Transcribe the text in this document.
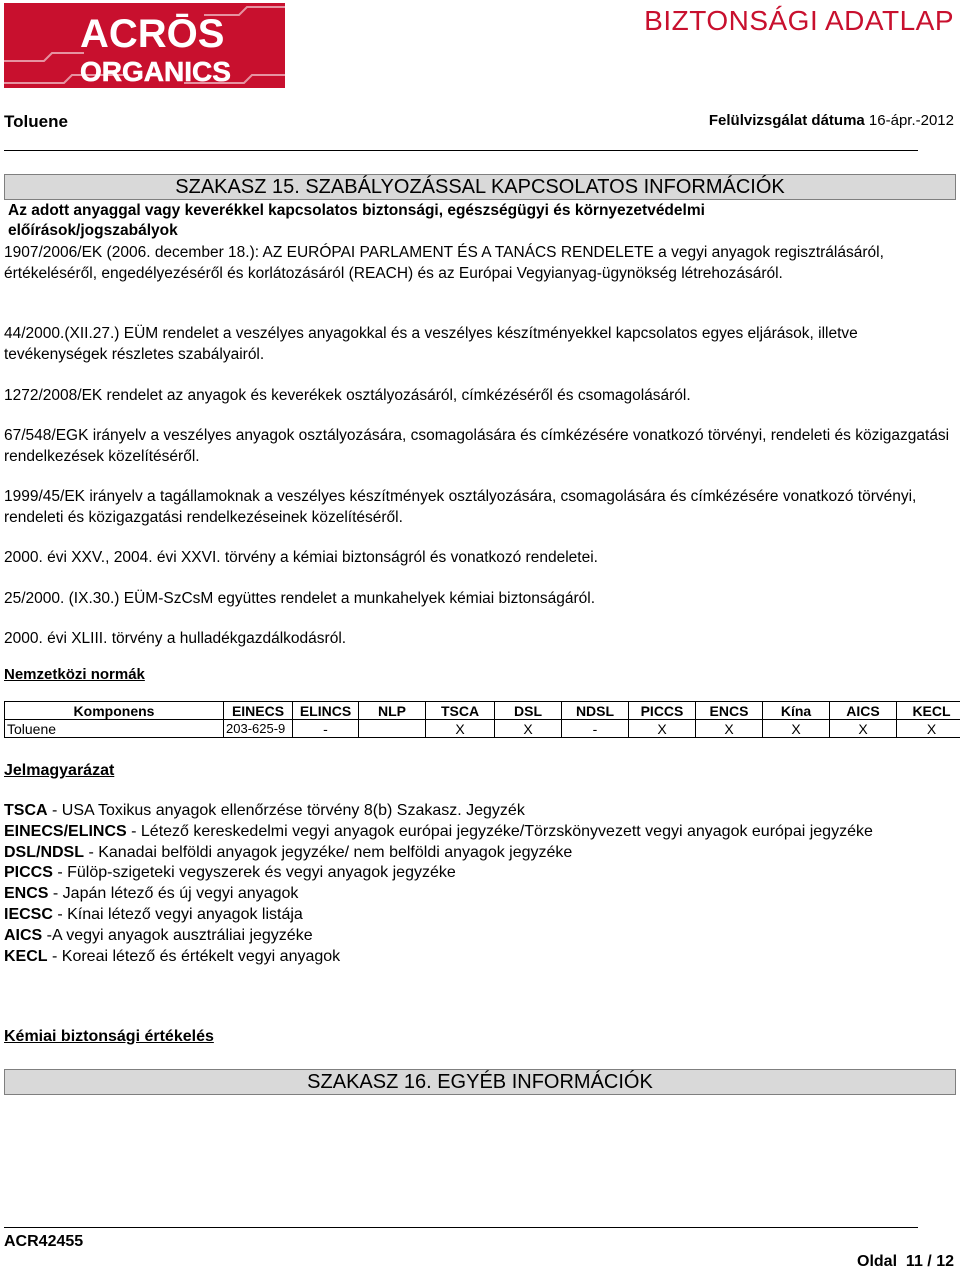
ACRŌS
ORGANICS
BIZTONSÁGI ADATLAP
Toluene	Felülvizsgálat dátuma 16-ápr.-2012
SZAKASZ 15. SZABÁLYOZÁSSAL KAPCSOLATOS INFORMÁCIÓK
Az adott anyaggal vagy keverékkel kapcsolatos biztonsági, egészségügyi és környezetvédelmi
előírások/jogszabályok

1907/2006/EK (2006. december 18.): AZ EURÓPAI PARLAMENT ÉS A TANÁCS RENDELETE a vegyi anyagok regisztrálásáról, értékeléséről, engedélyezéséről és korlátozásáról (REACH) és az Európai Vegyianyag-ügynökség létrehozásáról.

44/2000.(XII.27.) EÜM rendelet a veszélyes anyagokkal és a veszélyes készítményekkel kapcsolatos egyes eljárások, illetve tevékenységek részletes szabályairól.

1272/2008/EK rendelet az anyagok és keverékek osztályozásáról, címkézéséről és csomagolásáról.

67/548/EGK irányelv a veszélyes anyagok osztályozására, csomagolására és címkézésére vonatkozó törvényi, rendeleti és közigazgatási rendelkezések közelítéséről.

1999/45/EK irányelv a tagállamoknak a veszélyes készítmények osztályozására, csomagolására és címkézésére vonatkozó törvényi, rendeleti és közigazgatási rendelkezéseinek közelítéséről.

2000. évi XXV., 2004. évi XXVI. törvény a kémiai biztonságról és vonatkozó rendeletei.

25/2000. (IX.30.) EÜM-SzCsM együttes rendelet a munkahelyek kémiai biztonságáról.

2000. évi XLIII. törvény a hulladékgazdálkodásról.

Nemzetközi normák
Komponens	EINECS	ELINCS	NLP	TSCA	DSL	NDSL	PICCS	ENCS	Kína	AICS	KECL
Toluene	203-625-9	-		X	X	-	X	X	X	X	X
Jelmagyarázat
TSCA - USA Toxikus anyagok ellenőrzése törvény 8(b) Szakasz. Jegyzék
EINECS/ELINCS - Létező kereskedelmi vegyi anyagok európai jegyzéke/Törzskönyvezett vegyi anyagok európai jegyzéke
DSL/NDSL - Kanadai belföldi anyagok jegyzéke/ nem belföldi anyagok jegyzéke
PICCS - Fülöp-szigeteki vegyszerek és vegyi anyagok jegyzéke
ENCS - Japán létező és új vegyi anyagok
IECSC - Kínai létező vegyi anyagok listája
AICS -A vegyi anyagok ausztráliai jegyzéke
KECL - Koreai létező és értékelt vegyi anyagok
Kémiai biztonsági értékelés
SZAKASZ 16. EGYÉB INFORMÁCIÓK
ACR42455
Oldal 11 / 12
